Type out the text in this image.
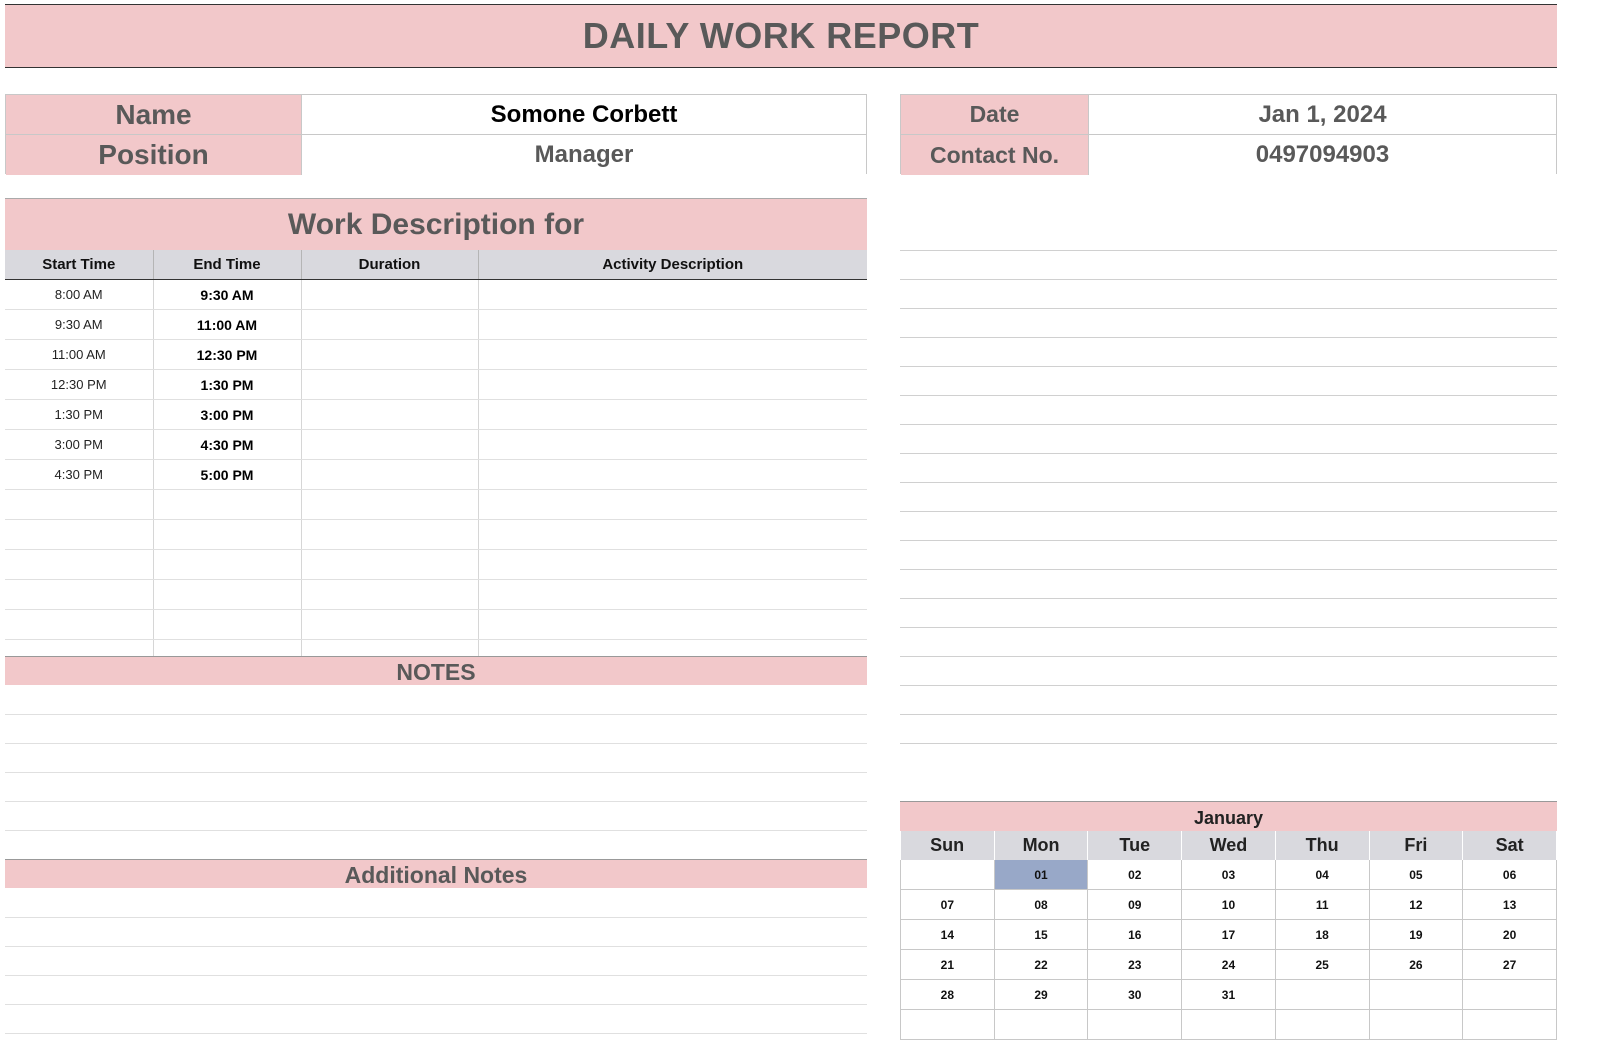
DAILY WORK REPORT
Name	Somone Corbett
Position	Manager
Date	Jan 1, 2024
Contact No.	0497094903
Work Description for
Start Time	End Time	Duration	Activity Description
8:00 AM	9:30 AM		
9:30 AM	11:00 AM		
11:00 AM	12:30 PM		
12:30 PM	1:30 PM		
1:30 PM	3:00 PM		
3:00 PM	4:30 PM		
4:30 PM	5:00 PM		

NOTES
Additional Notes
January
Sun	Mon	Tue	Wed	Thu	Fri	Sat
	01	02	03	04	05	06
07	08	09	10	11	12	13
14	15	16	17	18	19	20
21	22	23	24	25	26	27
28	29	30	31			
